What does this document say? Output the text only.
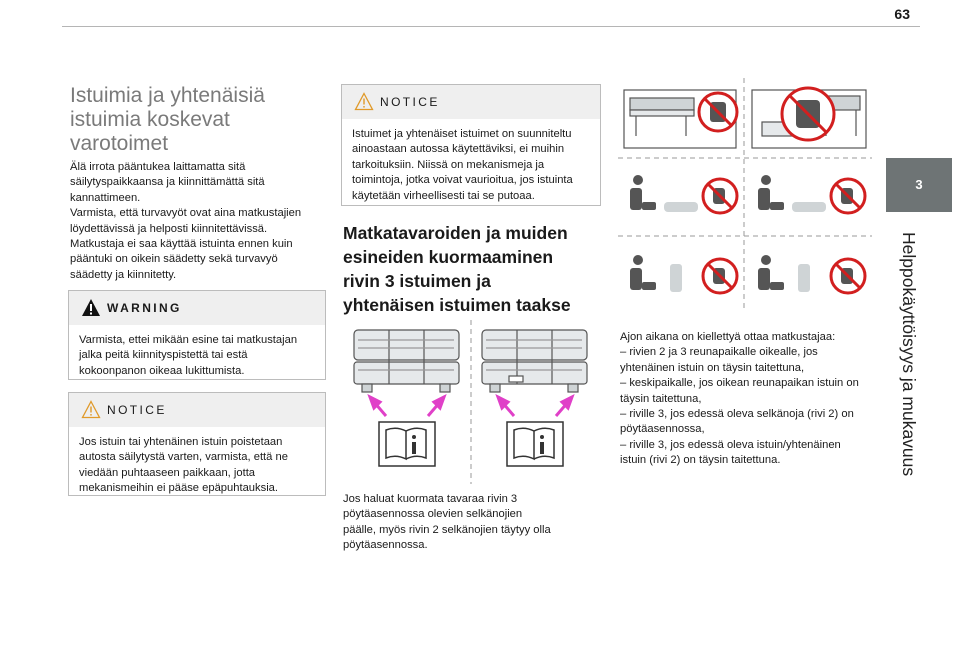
63
3
Helppokäyttöisyys ja mukavuus
Istuimia ja yhtenäisiä
istuimia koskevat
varotoimet
Älä irrota pääntukea laittamatta sitä
säilytyspaikkaansa ja kiinnittämättä sitä
kannattimeen.
Varmista, että turvavyöt ovat aina matkustajien
löydettävissä ja helposti kiinnitettävissä.
Matkustaja ei saa käyttää istuinta ennen kuin
pääntuki on oikein säädetty sekä turvavyö
säädetty ja kiinnitetty.
WARNING
Varmista, ettei mikään esine tai matkustajan
jalka peitä kiinnityspistettä tai estä
kokoonpanon oikeaa lukittumista.
NOTICE
Jos istuin tai yhtenäinen istuin poistetaan
autosta säilytystä varten, varmista, että ne
viedään puhtaaseen paikkaan, jotta
mekanismeihin ei pääse epäpuhtauksia.
NOTICE
Istuimet ja yhtenäiset istuimet on suunniteltu
ainoastaan autossa käytettäviksi, ei muihin
tarkoituksiin. Niissä on mekanismeja ja
toimintoja, jotka voivat vaurioitua, jos istuinta
käytetään virheellisesti tai se putoaa.
Matkatavaroiden ja muiden
esineiden kuormaaminen
rivin 3 istuimen ja
yhtenäisen istuimen taakse
Jos haluat kuormata tavaraa rivin 3
pöytäasennossa olevien selkänojien
päälle, myös rivin 2 selkänojien täytyy olla
pöytäasennossa.
Ajon aikana on kiellettyä ottaa matkustajaa:
– rivien 2 ja 3 reunapaikalle oikealle, jos
yhtenäinen istuin on täysin taitettuna,
– keskipaikalle, jos oikean reunapaikan istuin on
täysin taitettuna,
– riville 3, jos edessä oleva selkänoja (rivi 2) on
pöytäasennossa,
– riville 3, jos edessä oleva istuin/yhtenäinen
istuin (rivi 2) on täysin taitettuna.
